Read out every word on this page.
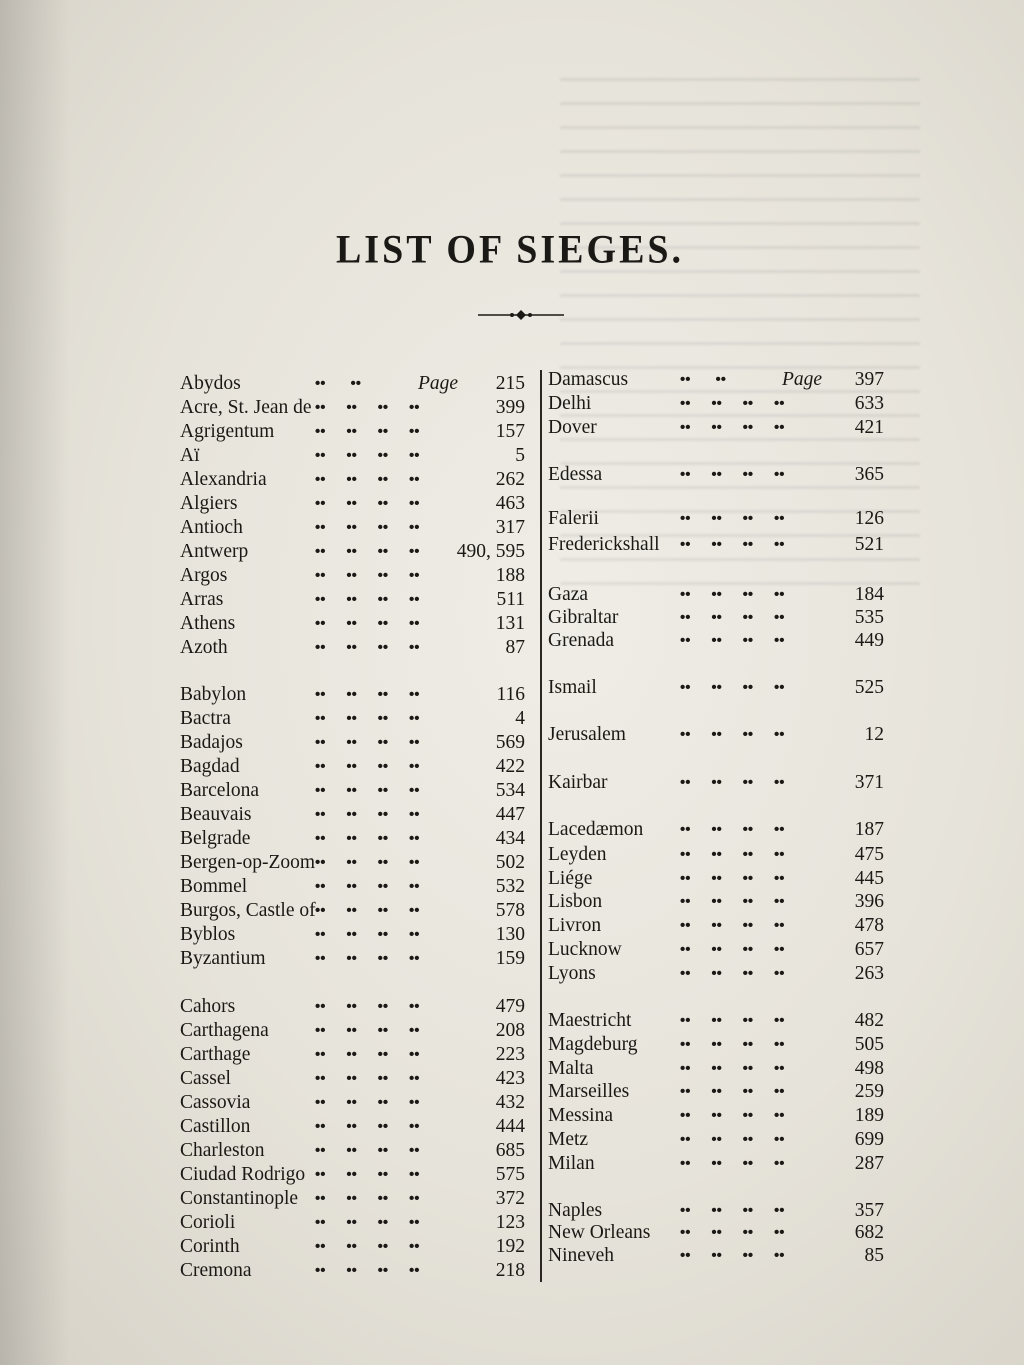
LIST OF SIEGES.
Abydos	••      ••	Page 215
Acre, St. Jean de ••     ••     ••     ••	399
Agrigentum	••     ••     ••     ••	157
Aï	••     ••     ••     ••	5
Alexandria	••     ••     ••     ••	262
Algiers	••     ••     ••     ••	463
Antioch	••     ••     ••     ••	317
Antwerp	••     ••     ••     •• 490, 595
Argos	••     ••     ••     ••	188
Arras	••     ••     ••     ••	511
Athens	••     ••     ••     ••	131
Azoth	••     ••     ••     ••	87
Babylon	••     ••     ••     ••	116
Bactra	••     ••     ••     ••	4
Badajos	••     ••     ••     ••	569
Bagdad	••     ••     ••     ••	422
Barcelona	••     ••     ••     ••	534
Beauvais	••     ••     ••     ••	447
Belgrade	••     ••     ••     ••	434
Bergen-op-Zoom ••     ••     ••     ••	502
Bommel	••     ••     ••     ••	532
Burgos, Castle of ••     ••     ••     ••	578
Byblos	••     ••     ••     ••	130
Byzantium	••     ••     ••     ••	159
Cahors	••     ••     ••     ••	479
Carthagena	••     ••     ••     ••	208
Carthage	••     ••     ••     ••	223
Cassel	••     ••     ••     ••	423
Cassovia	••     ••     ••     ••	432
Castillon	••     ••     ••     ••	444
Charleston	••     ••     ••     ••	685
Ciudad Rodrigo ••     ••     ••     ••	575
Constantinople ••     ••     ••     ••	372
Corioli	••     ••     ••     ••	123
Corinth	••     ••     ••     ••	192
Cremona	••     ••     ••     ••	218
Damascus	••      ••	Page 397
Delhi	••     ••     ••     ••	633
Dover	••     ••     ••     ••	421
Edessa	••     ••     ••     ••	365
Falerii	••     ••     ••     ••	126
Frederickshall ••     ••     ••     ••	521
Gaza	••     ••     ••     ••	184
Gibraltar	••     ••     ••     ••	535
Grenada	••     ••     ••     ••	449
Ismail	••     ••     ••     ••	525
Jerusalem	••     ••     ••     ••	12
Kairbar	••     ••     ••     ••	371
Lacedæmon ••     ••     ••     ••	187
Leyden	••     ••     ••     ••	475
Liége	••     ••     ••     ••	445
Lisbon	••     ••     ••     ••	396
Livron	••     ••     ••     ••	478
Lucknow	••     ••     ••     ••	657
Lyons	••     ••     ••     ••	263
Maestricht	••     ••     ••     ••	482
Magdeburg	••     ••     ••     ••	505
Malta	••     ••     ••     ••	498
Marseilles	••     ••     ••     ••	259
Messina	••     ••     ••     ••	189
Metz	••     ••     ••     ••	699
Milan	••     ••     ••     ••	287
Naples	••     ••     ••     ••	357
New Orleans ••     ••     ••     ••	682
Nineveh	••     ••     ••     ••	85
